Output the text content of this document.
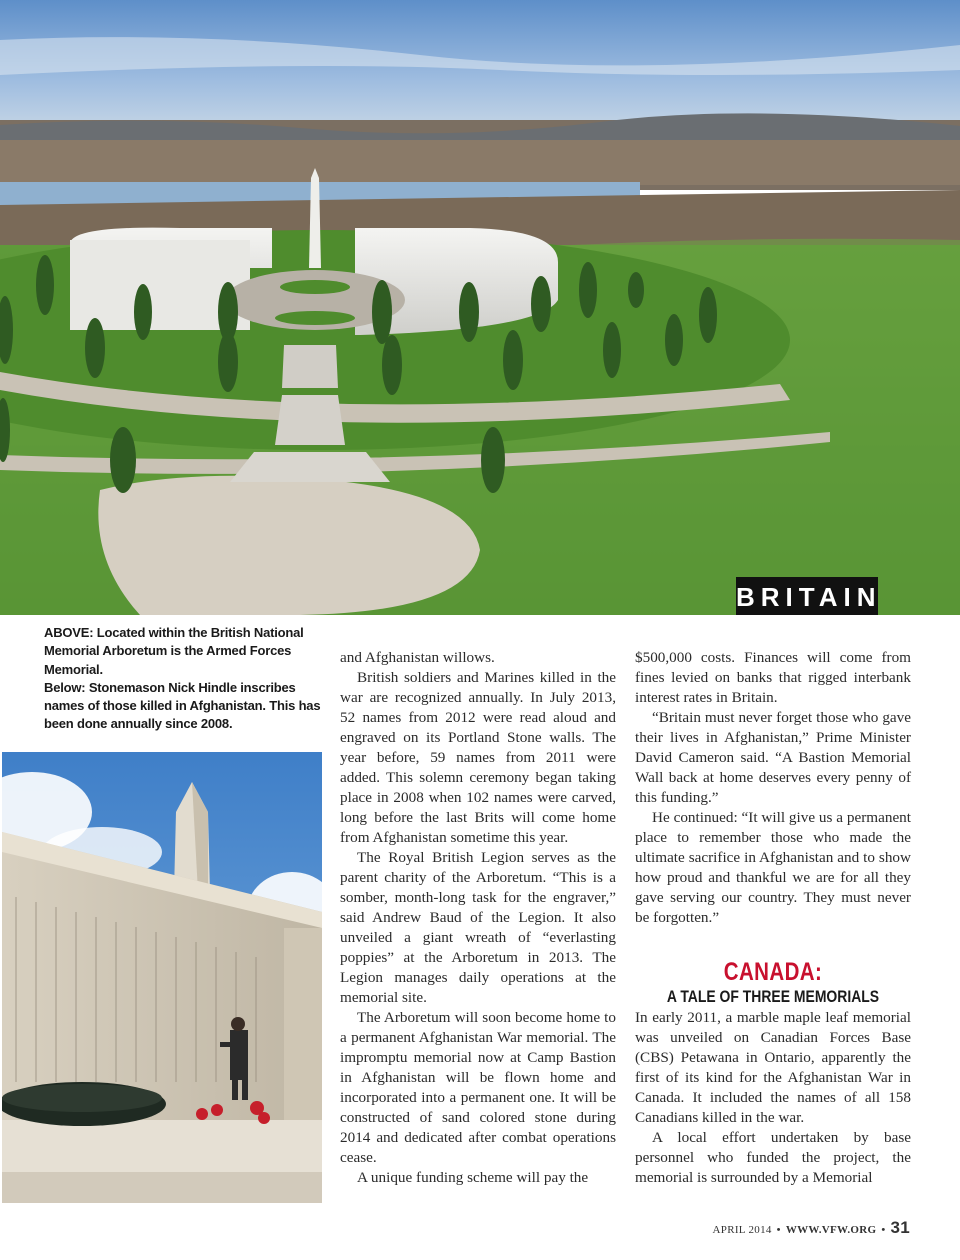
BRITAIN

ABOVE: Located within the British National Memorial Arboretum is the Armed Forces Memorial.

Below: Stonemason Nick Hindle inscribes names of those killed in Afghanistan. This has been done annually since 2008.

and Afghanistan willows.

British soldiers and Marines killed in the war are recognized annually. In July 2013, 52 names from 2012 were read aloud and engraved on its Portland Stone walls. The year before, 59 names from 2011 were added. This solemn ceremony began taking place in 2008 when 102 names were carved, long before the last Brits will come home from Afghanistan sometime this year.

The Royal British Legion serves as the parent charity of the Arboretum. “This is a somber, month-long task for the engraver,” said Andrew Baud of the Legion. It also unveiled a giant wreath of “everlasting poppies” at the Arboretum in 2013. The Legion manages daily operations at the memorial site.

The Arboretum will soon become home to a permanent Afghanistan War memorial. The impromptu memorial now at Camp Bastion in Afghanistan will be flown home and incorporated into a permanent one. It will be constructed of sand colored stone during 2014 and dedicated after combat operations cease.

A unique funding scheme will pay the

$500,000 costs. Finances will come from fines levied on banks that rigged interbank interest rates in Britain.

“Britain must never forget those who gave their lives in Afghanistan,” Prime Minister David Cameron said. “A Bastion Memorial Wall back at home deserves every penny of this funding.”

He continued: “It will give us a permanent place to remember those who made the ultimate sacrifice in Afghanistan and to show how proud and thankful we are for all they gave serving our country. They must never be forgotten.”

CANADA:
A TALE OF THREE MEMORIALS

In early 2011, a marble maple leaf memorial was unveiled on Canadian Forces Base (CBS) Petawana in Ontario, apparently the first of its kind for the Afghanistan War in Canada. It included the names of all 158 Canadians killed in the war.

A local effort undertaken by base personnel who funded the project, the memorial is surrounded by a Memorial

APRIL 2014 • WWW.VFW.ORG • 31
